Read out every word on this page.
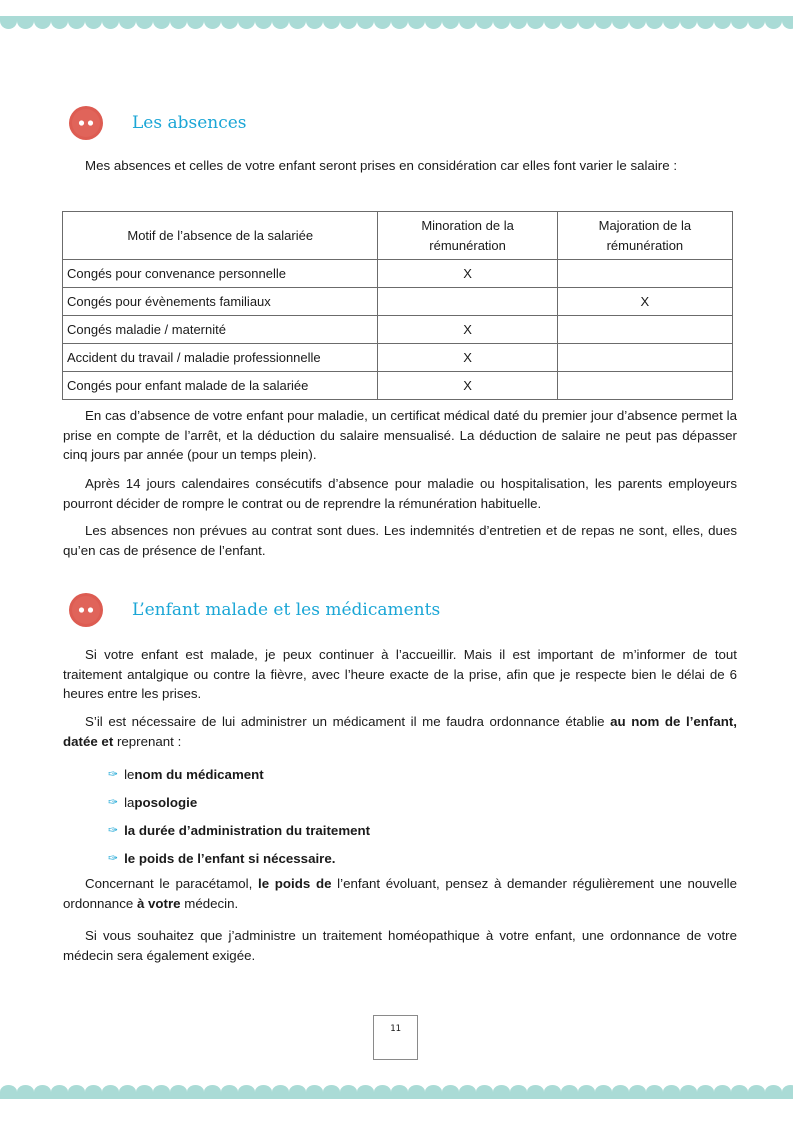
Les absences
Mes absences et celles de votre enfant seront prises en considération car elles font varier le salaire :
Motif de l’absence de la salariée	Minoration de la rémunération	Majoration de la rémunération
Congés pour convenance personnelle	X	
Congés pour évènements familiaux		X
Congés maladie / maternité	X	
Accident du travail / maladie professionnelle	X	
Congés pour enfant malade de la salariée	X	
En cas d’absence de votre enfant pour maladie, un certificat médical daté du premier jour d’absence permet la prise en compte de l’arrêt, et la déduction du salaire mensualisé. La déduction de salaire ne peut pas dépasser cinq jours par année (pour un temps plein).
Après 14 jours calendaires consécutifs d’absence pour maladie ou hospitalisation, les parents employeurs pourront décider de rompre le contrat ou de reprendre la rémunération habituelle.
Les absences non prévues au contrat sont dues. Les indemnités d’entretien et de repas ne sont, elles, dues qu’en cas de présence de l’enfant.
L’enfant malade et les médicaments
Si votre enfant est malade, je peux continuer à l’accueillir. Mais il est important de m’informer de tout traitement antalgique ou contre la fièvre, avec l’heure exacte de la prise, afin que je respecte bien le délai de 6 heures entre les prises.
S’il est nécessaire de lui administrer un médicament il me faudra ordonnance établie au nom de l’enfant, datée et reprenant :
✑ le nom du médicament
✑ la posologie
✑ la durée d’administration du traitement
✑ le poids de l’enfant si nécessaire.
Concernant le paracétamol, le poids de l’enfant évoluant, pensez à demander régulièrement une nouvelle ordonnance à votre médecin.
Si vous souhaitez que j’administre un traitement homéopathique à votre enfant, une ordonnance de votre médecin sera également exigée.
11
